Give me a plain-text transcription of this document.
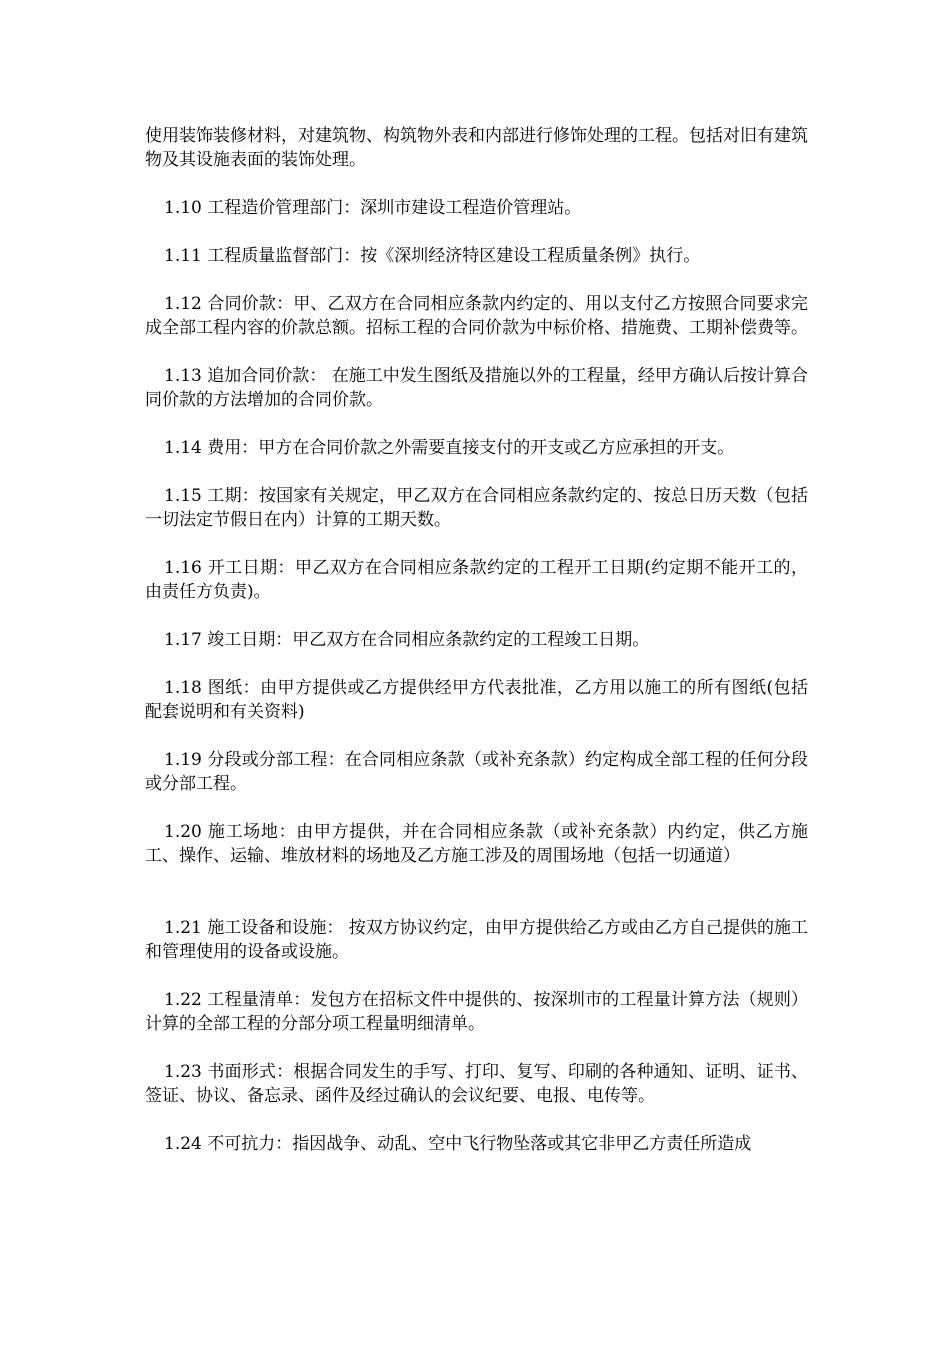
使用装饰装修材料，对建筑物、构筑物外表和内部进行修饰处理的工程。包括对旧有建筑物及其设施表面的装饰处理。

1.10 工程造价管理部门：深圳市建设工程造价管理站。

1.11 工程质量监督部门：按《深圳经济特区建设工程质量条例》执行。

1.12 合同价款：甲、乙双方在合同相应条款内约定的、用以支付乙方按照合同要求完成全部工程内容的价款总额。招标工程的合同价款为中标价格、措施费、工期补偿费等。

1.13 追加合同价款： 在施工中发生图纸及措施以外的工程量，经甲方确认后按计算合同价款的方法增加的合同价款。

1.14 费用：甲方在合同价款之外需要直接支付的开支或乙方应承担的开支。

1.15 工期：按国家有关规定，甲乙双方在合同相应条款约定的、按总日历天数（包括一切法定节假日在内）计算的工期天数。

1.16 开工日期：甲乙双方在合同相应条款约定的工程开工日期(约定期不能开工的，由责任方负责)。

1.17 竣工日期：甲乙双方在合同相应条款约定的工程竣工日期。

1.18 图纸：由甲方提供或乙方提供经甲方代表批准，乙方用以施工的所有图纸(包括配套说明和有关资料)

1.19 分段或分部工程：在合同相应条款（或补充条款）约定构成全部工程的任何分段或分部工程。

1.20 施工场地：由甲方提供，并在合同相应条款（或补充条款）内约定，供乙方施工、操作、运输、堆放材料的场地及乙方施工涉及的周围场地（包括一切通道）

1.21 施工设备和设施： 按双方协议约定，由甲方提供给乙方或由乙方自己提供的施工和管理使用的设备或设施。

1.22 工程量清单：发包方在招标文件中提供的、按深圳市的工程量计算方法（规则）计算的全部工程的分部分项工程量明细清单。

1.23 书面形式：根据合同发生的手写、打印、复写、印刷的各种通知、证明、证书、签证、协议、备忘录、函件及经过确认的会议纪要、电报、电传等。

1.24 不可抗力：指因战争、动乱、空中飞行物坠落或其它非甲乙方责任所造成
